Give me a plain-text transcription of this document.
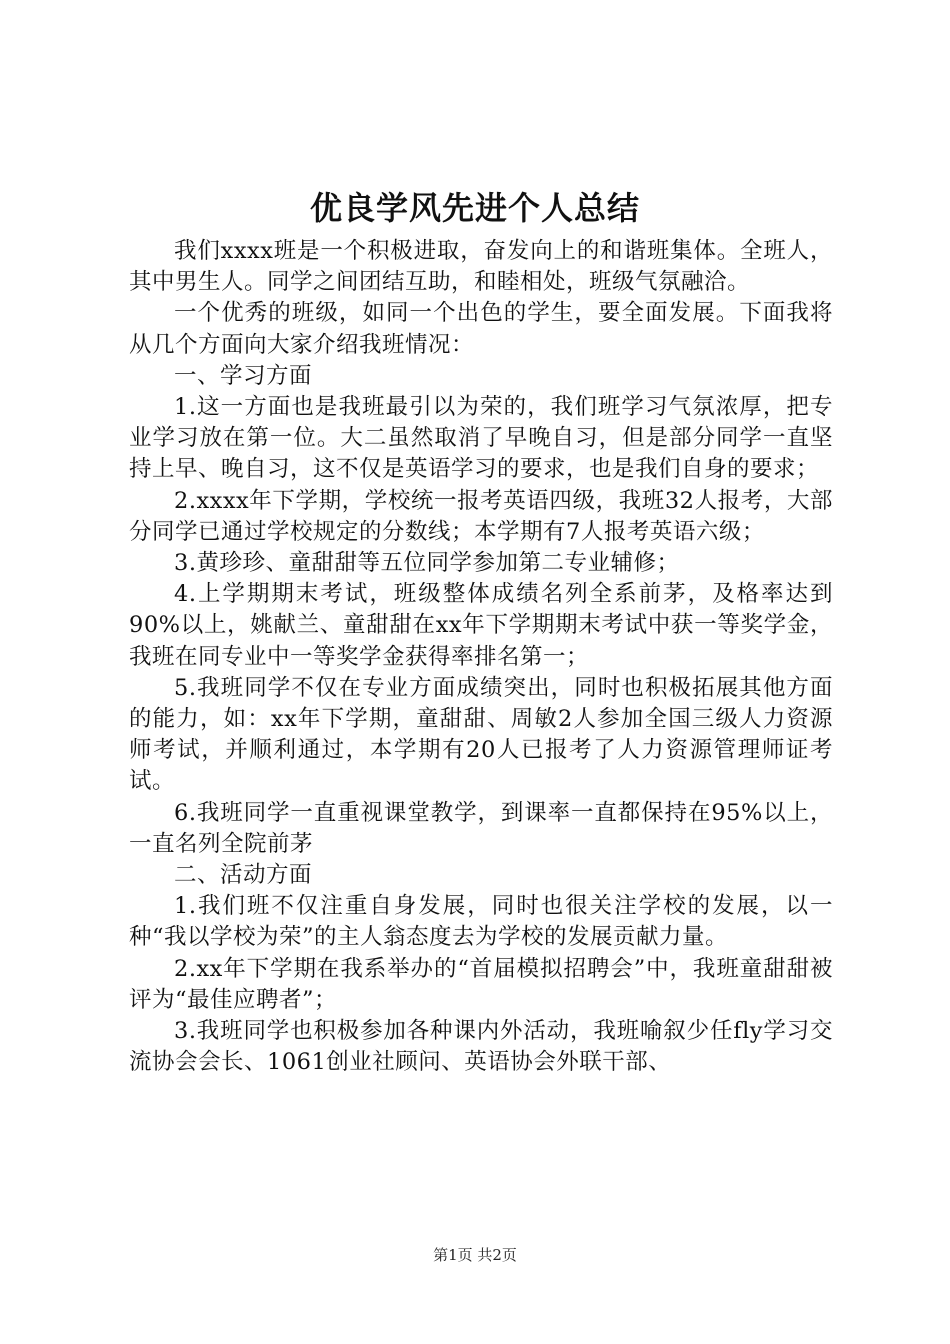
优良学风先进个人总结

我们xxxx班是一个积极进取，奋发向上的和谐班集体。全班人，其中男生人。同学之间团结互助，和睦相处，班级气氛融洽。

一个优秀的班级，如同一个出色的学生，要全面发展。下面我将从几个方面向大家介绍我班情况：

一、学习方面

1.这一方面也是我班最引以为荣的，我们班学习气氛浓厚，把专业学习放在第一位。大二虽然取消了早晚自习，但是部分同学一直坚持上早、晚自习，这不仅是英语学习的要求，也是我们自身的要求；

2.xxxx年下学期，学校统一报考英语四级，我班32人报考，大部分同学已通过学校规定的分数线；本学期有7人报考英语六级；

3.黄珍珍、童甜甜等五位同学参加第二专业辅修；

4.上学期期末考试，班级整体成绩名列全系前茅，及格率达到90%以上，姚献兰、童甜甜在xx年下学期期末考试中获一等奖学金，我班在同专业中一等奖学金获得率排名第一；

5.我班同学不仅在专业方面成绩突出，同时也积极拓展其他方面的能力，如：xx年下学期，童甜甜、周敏2人参加全国三级人力资源师考试，并顺利通过，本学期有20人已报考了人力资源管理师证考试。

6.我班同学一直重视课堂教学，到课率一直都保持在95%以上，一直名列全院前茅

二、活动方面

1.我们班不仅注重自身发展，同时也很关注学校的发展，以一种“我以学校为荣”的主人翁态度去为学校的发展贡献力量。

2.xx年下学期在我系举办的“首届模拟招聘会”中，我班童甜甜被评为“最佳应聘者”；

3.我班同学也积极参加各种课内外活动，我班喻叙少任fly学习交流协会会长、1061创业社顾问、英语协会外联干部、

第1页 共2页
